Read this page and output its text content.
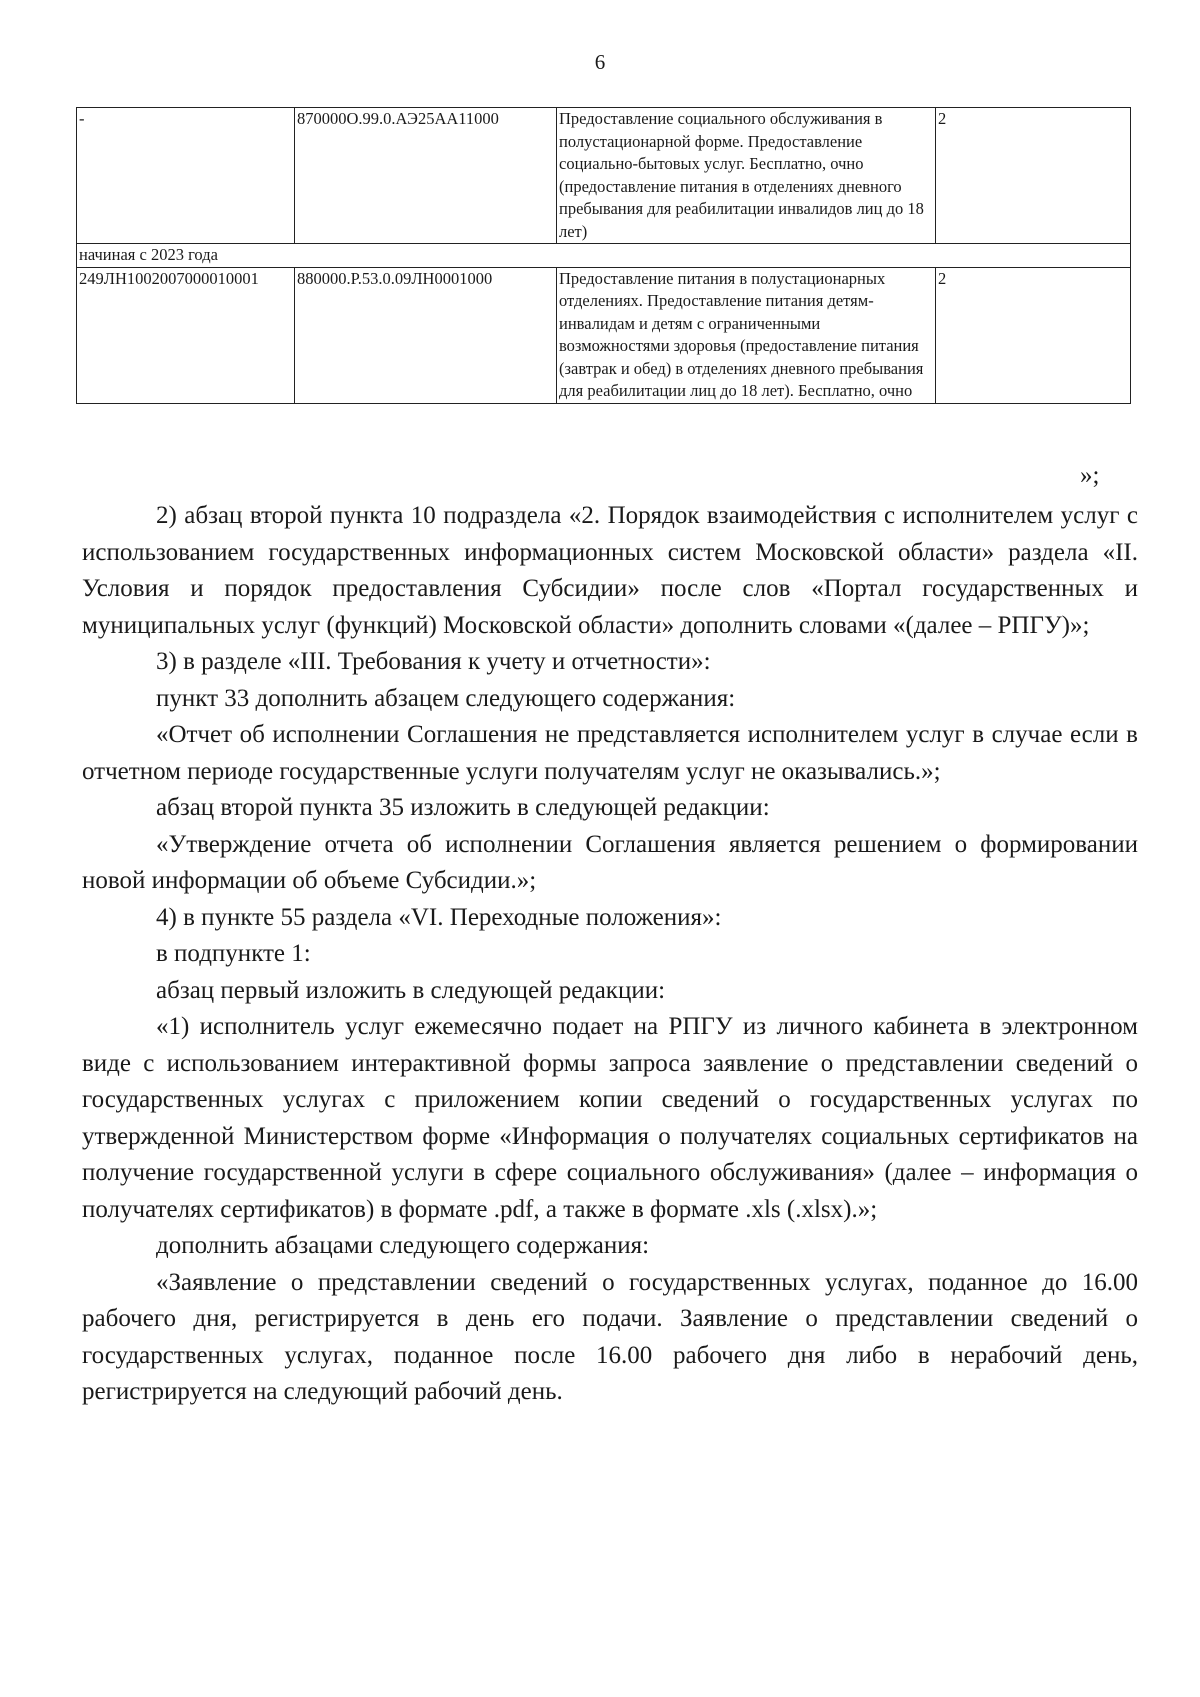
6
-	870000О.99.0.АЭ25АА11000	Предоставление социального обслуживания в полустационарной форме. Предоставление социально-бытовых услуг. Бесплатно, очно (предоставление питания в отделениях дневного пребывания для реабилитации инвалидов лиц до 18 лет)	2
начиная с 2023 года			
249ЛН1002007000010001	880000.Р.53.0.09ЛН0001000	Предоставление питания в полустационарных отделениях. Предоставление питания детям-инвалидам и детям с ограниченными возможностями здоровья (предоставление питания (завтрак и обед) в отделениях дневного пребывания для реабилитации лиц до 18 лет). Бесплатно, очно	2
»;

2) абзац второй пункта 10 подраздела «2. Порядок взаимодействия с исполнителем услуг с использованием государственных информационных систем Московской области» раздела «II. Условия и порядок предоставления Субсидии» после слов «Портал государственных и муниципальных услуг (функций) Московской области» дополнить словами «(далее – РПГУ)»;

3) в разделе «III. Требования к учету и отчетности»:

пункт 33 дополнить абзацем следующего содержания:

«Отчет об исполнении Соглашения не представляется исполнителем услуг в случае если в отчетном периоде государственные услуги получателям услуг не оказывались.»;

абзац второй пункта 35 изложить в следующей редакции:

«Утверждение отчета об исполнении Соглашения является решением о формировании новой информации об объеме Субсидии.»;

4) в пункте 55 раздела «VI. Переходные положения»:

в подпункте 1:

абзац первый изложить в следующей редакции:

«1) исполнитель услуг ежемесячно подает на РПГУ из личного кабинета в электронном виде с использованием интерактивной формы запроса заявление о представлении сведений о государственных услугах с приложением копии сведений о государственных услугах по утвержденной Министерством форме «Информация о получателях социальных сертификатов на получение государственной услуги в сфере социального обслуживания» (далее – информация о получателях сертификатов) в формате .pdf, а также в формате .xls (.xlsx).»;

дополнить абзацами следующего содержания:

«Заявление о представлении сведений о государственных услугах, поданное до 16.00 рабочего дня, регистрируется в день его подачи. Заявление о представлении сведений о государственных услугах, поданное после 16.00 рабочего дня либо в нерабочий день, регистрируется на следующий рабочий день.
